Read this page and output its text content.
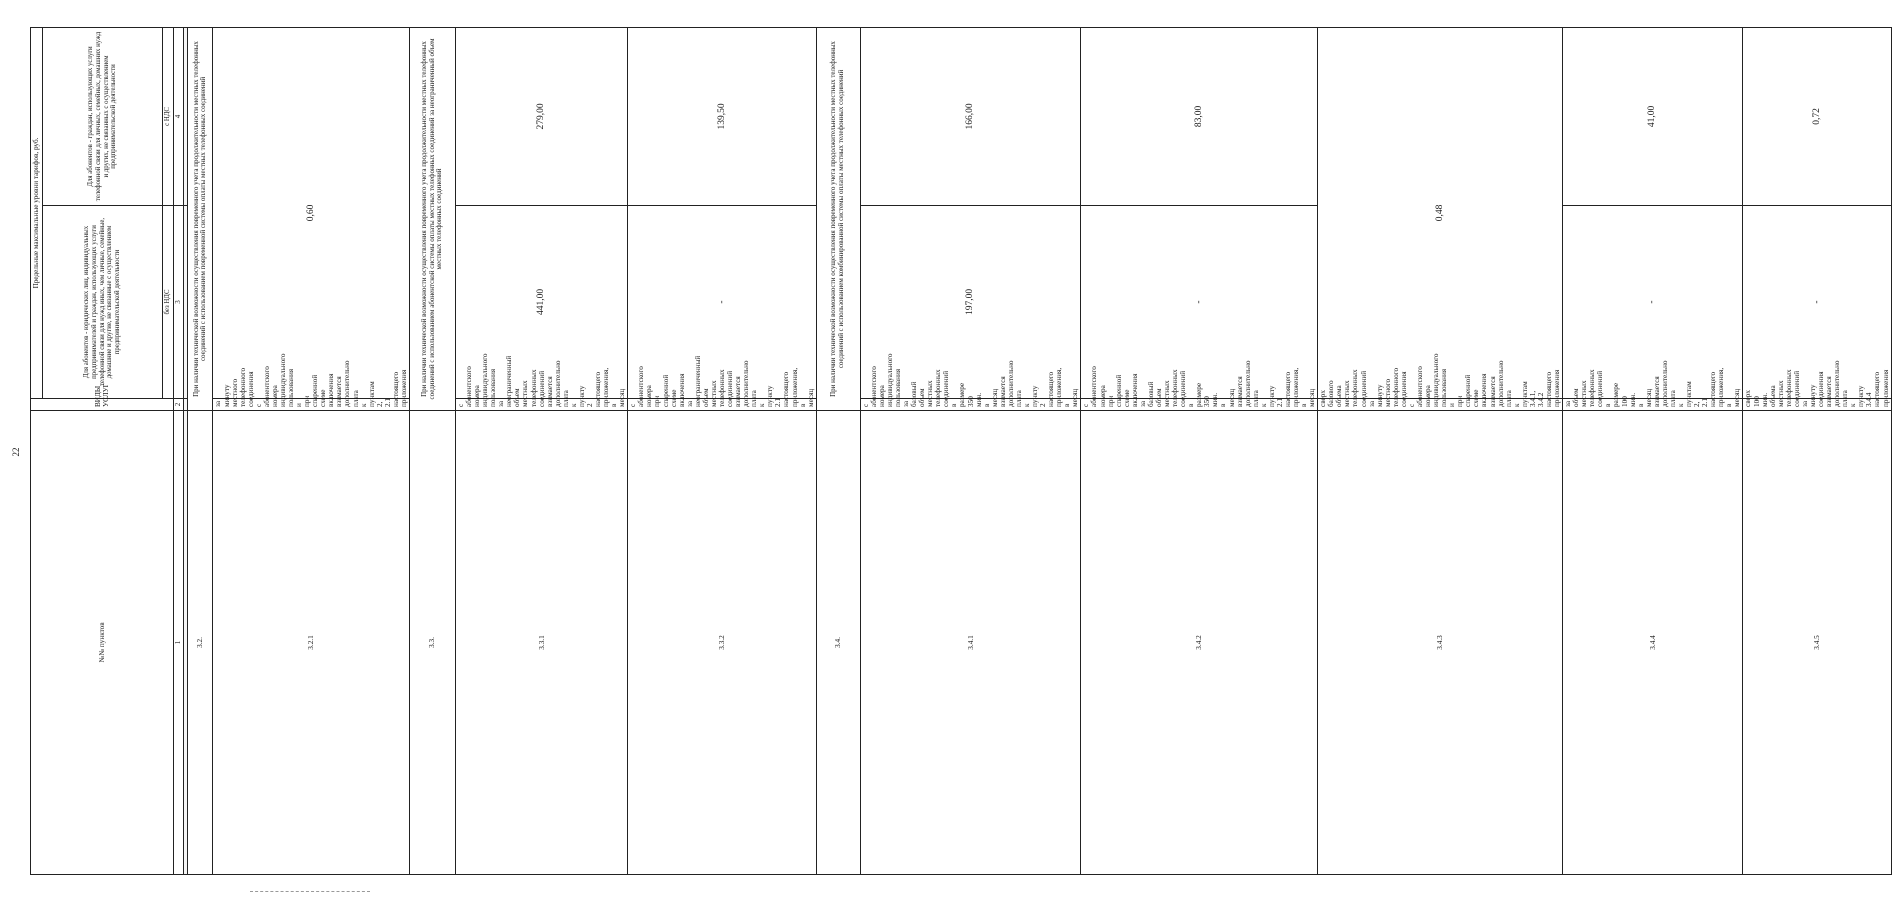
22
№№ пунктов	ВИДЫ УСЛУГ	Предельные максимальные уровни тарифов, руб.	
		Для абонентов - юридических лиц, индивидуальных предпринимателей и граждан, использующих услуги телефонной связи для нужд иных, чем личные, семейные, домашние и другие, не связанные с осуществлением предпринимательской деятельности	Для абонентов - граждан, использующих услуги телефонной связи для личных, семейных, домашних нужд и других, не связанных с осуществлением предпринимательской деятельности
		без НДС	с НДС
1	2	3	4

3.2.	При наличии технической возможности осуществления повременного учета продолжительности местных телефонных соединений с использованием повременной системы оплаты местных телефонных соединений		
3.2.1	за минуту местного телефонного соединения с абонентского номера индивидуального пользования и при спаренной схеме включения взимается дополнительно плата к пунктам 2, 2.1 настоящего приложения	0,60	
3.3.	При наличии технической возможности осуществления повременного учета продолжительности местных телефонных соединений с использованием абонентской системы оплаты местных телефонных соединений за неограниченный объем местных телефонных соединений		
3.3.1	с абонентского номера индивидуального пользования за неограниченный объем местных телефонных соединений взимается дополнительно плата к пункту 2 настоящего приложения, в месяц	441,00	279,00
3.3.2	с абонентского номера при спаренной схеме включения за неограниченный объем местных телефонных соединений взимается дополнительно плата к пункту 2.1 настоящего приложения, в месяц	-	139,50
3.4.	При наличии технической возможности осуществления повременного учета продолжительности местных телефонных соединений с использованием комбинированной системы оплаты местных телефонных соединений		
3.4.1	с абонентского номера индивидуального пользования за базовый объем местных телефонных соединений в размере 350 мин. в месяц взимается дополнительно плата к пункту 2 настоящего приложения, в месяц	197,00	166,00
3.4.2	с абонентского номера при спаренной схеме включения за базовый объем местных телефонных соединений в размере 350 мин. в месяц взимается дополнительно плата к пункту 2.1 настоящего приложения, в месяц	-	83,00
3.4.3	сверх базового объема местных телефонных соединений за минуту местного телефонного соединения с абонентского номера индивидуального пользования и при спаренной схеме включения взимается дополнительно плата к пунктам 3.4.1, 3.4.2 настоящего приложения	0,48	
3.4.4	за объем местных телефонных соединений в размере 100 мин. в месяц взимается дополнительно плата к пунктам 2, 2.1 настоящего приложения, в месяц	-	41,00
3.4.5	сверх 100 мин. объема местных телефонных соединений за минуту соединения взимается дополнительно плата к пункту 3.4.4 настоящего приложения	-	0,72
